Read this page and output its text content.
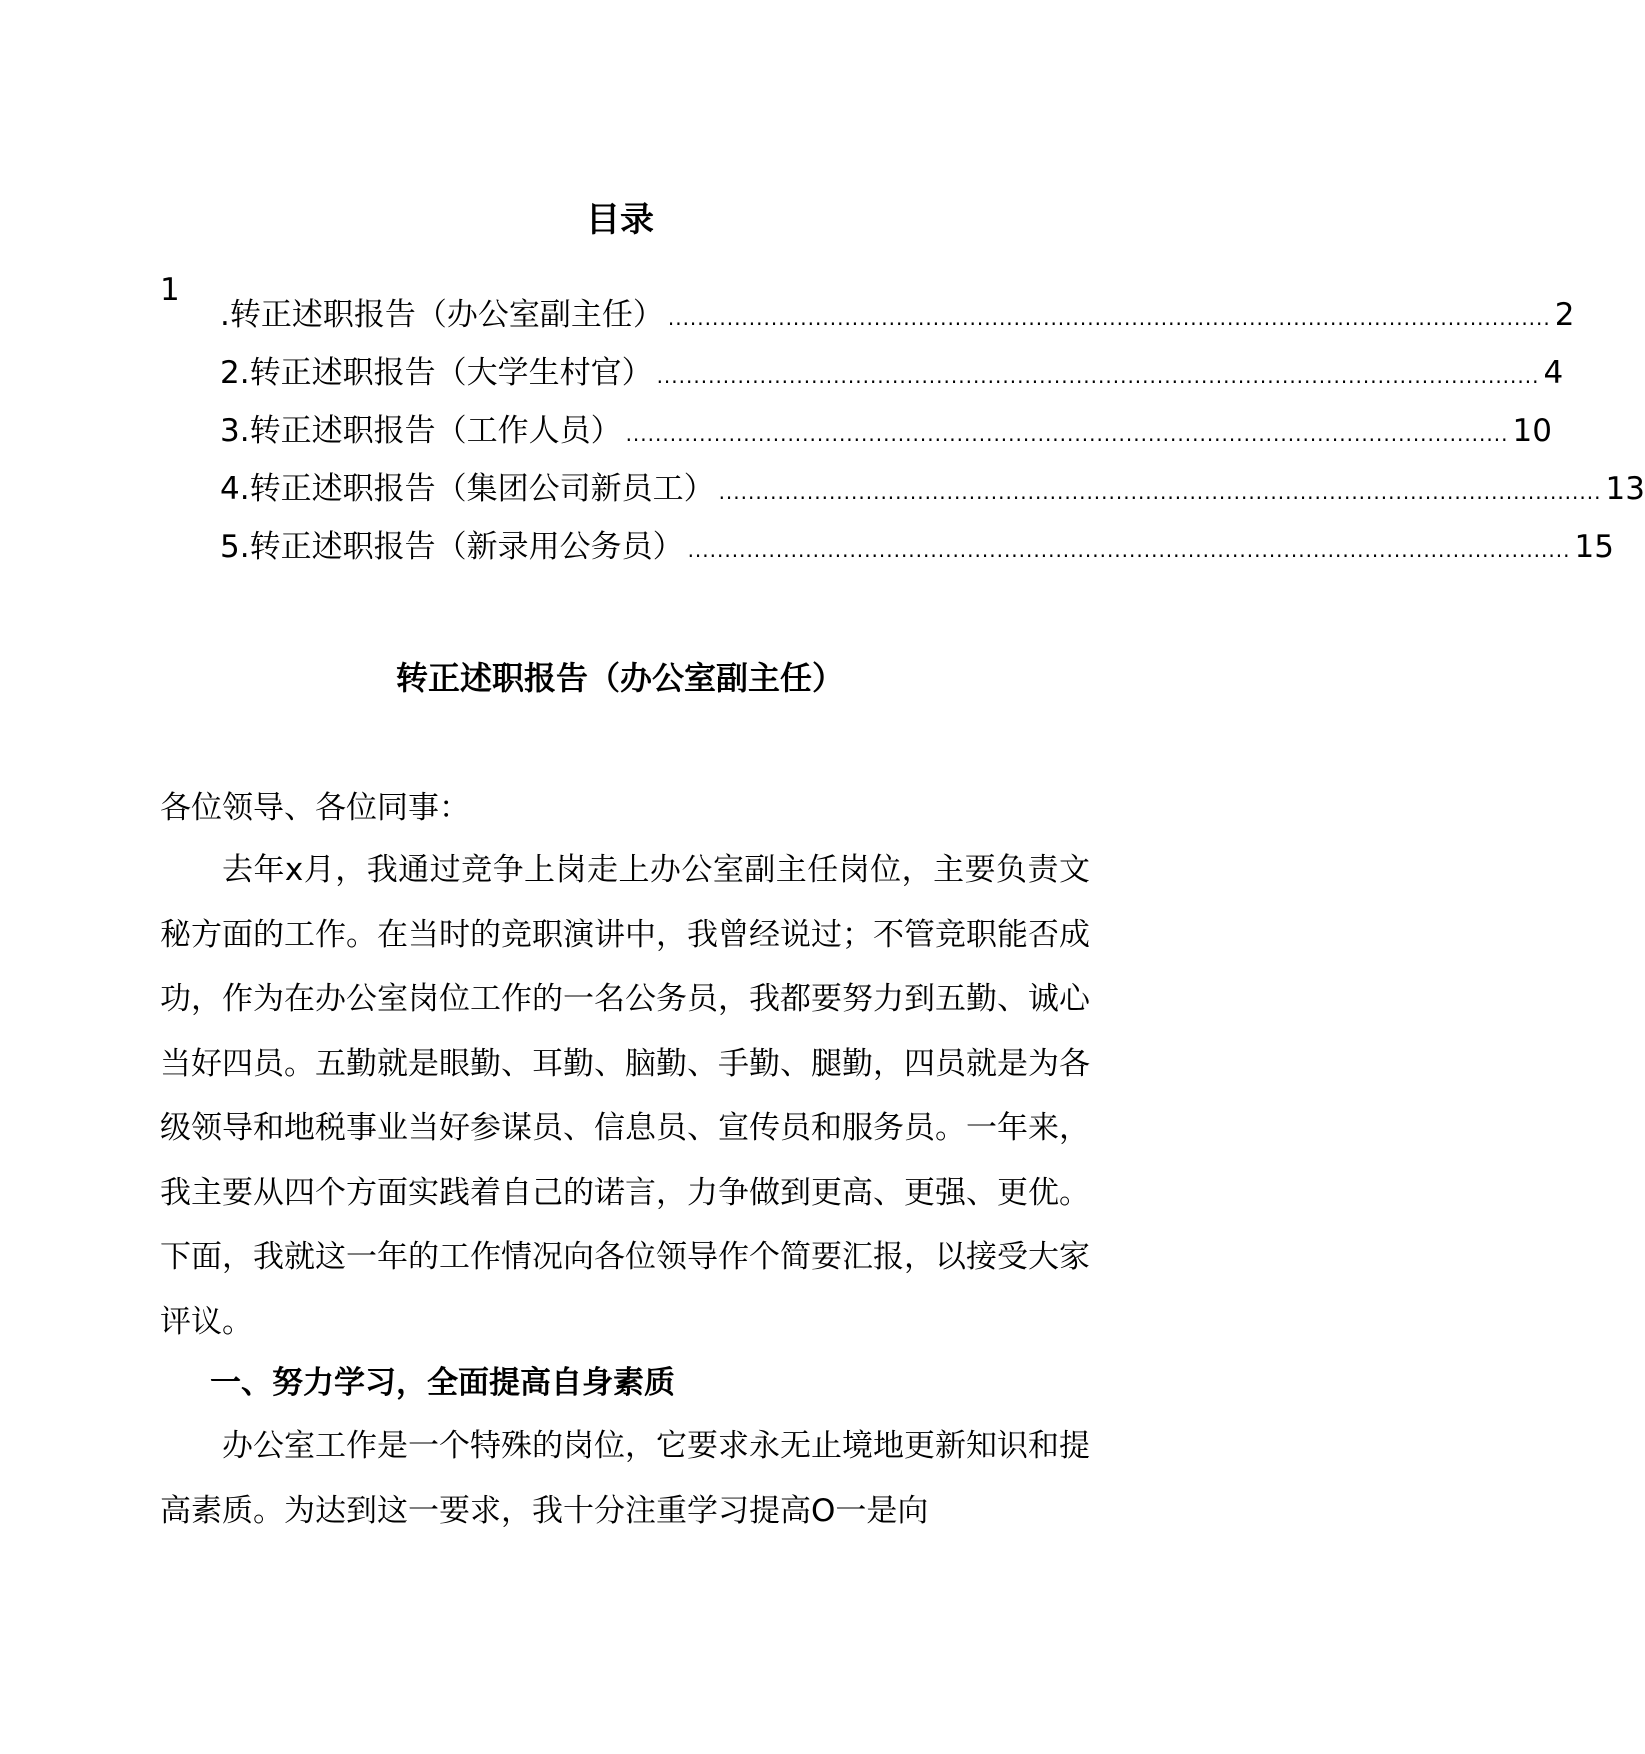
目录
1
.转正述职报告（办公室副主任） ........................................................................................................................ 2
2.转正述职报告（大学生村官） ........................................................................................................................ 4
3.转正述职报告（工作人员） ........................................................................................................................ 10
4.转正述职报告（集团公司新员工） ........................................................................................................................ 13
5.转正述职报告（新录用公务员） ........................................................................................................................ 15
转正述职报告（办公室副主任）
各位领导、各位同事：

去年x月，我通过竞争上岗走上办公室副主任岗位，主要负责文秘方面的工作。在当时的竞职演讲中，我曾经说过；不管竞职能否成功，作为在办公室岗位工作的一名公务员，我都要努力到五勤、诚心当好四员。五勤就是眼勤、耳勤、脑勤、手勤、腿勤，四员就是为各级领导和地税事业当好参谋员、信息员、宣传员和服务员。一年来，我主要从四个方面实践着自己的诺言，力争做到更高、更强、更优。下面，我就这一年的工作情况向各位领导作个简要汇报，以接受大家评议。

一、努力学习，全面提高自身素质

办公室工作是一个特殊的岗位，它要求永无止境地更新知识和提高素质。为达到这一要求，我十分注重学习提高O一是向
